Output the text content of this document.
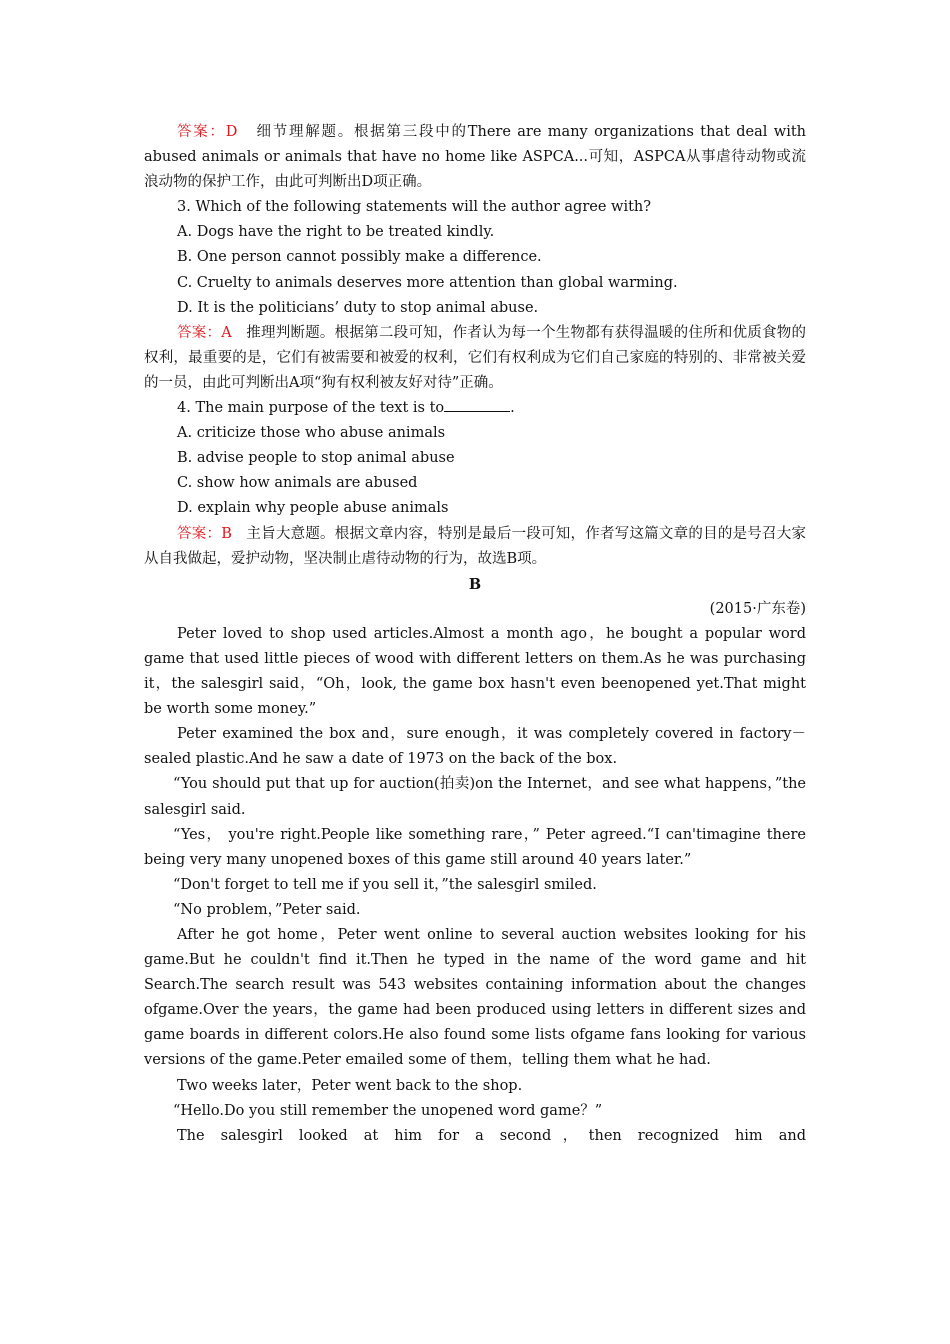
答案：D 细节理解题。根据第三段中的There are many organizations that deal with abused animals or animals that have no home like ASPCA...可知，ASPCA从事虐待动物或流浪动物的保护工作，由此可判断出D项正确。

3. Which of the following statements will the author agree with?

A. Dogs have the right to be treated kindly.

B. One person cannot possibly make a difference.

C. Cruelty to animals deserves more attention than global warming.

D. It is the politicians’ duty to stop animal abuse.

答案：A 推理判断题。根据第二段可知，作者认为每一个生物都有获得温暖的住所和优质食物的权利，最重要的是，它们有被需要和被爱的权利，它们有权利成为它们自己家庭的特别的、非常被关爱的一员，由此可判断出A项“狗有权利被友好对待”正确。

4. The main purpose of the text is to	.

A. criticize those who abuse animals

B. advise people to stop animal abuse

C. show how animals are abused

D. explain why people abuse animals

答案：B 主旨大意题。根据文章内容，特别是最后一段可知，作者写这篇文章的目的是号召大家从自我做起，爱护动物，坚决制止虐待动物的行为，故选B项。

B

(2015·广东卷)

Peter loved to shop used articles.Almost a month ago，he bought a popular word game that used little pieces of wood with different letters on them.As he was purchasing it，the salesgirl said，“Oh，look, the game box hasn't even beenopened yet.That might be worth some money.”

Peter examined the box and，sure enough，it was completely covered in factory－sealed plastic.And he saw a date of 1973 on the back of the box.

“You should put that up for auction(拍卖)on the Internet，and see what happens，”the salesgirl said.

“Yes， you're right.People like something rare，” Peter agreed.“I can'timagine there being very many unopened boxes of this game still around 40 years later.”

“Don't forget to tell me if you sell it，”the salesgirl smiled.

“No problem，”Peter said.

After he got home，Peter went online to several auction websites looking for his game.But he couldn't find it.Then he typed in the name of the word game and hit Search.The search result was 543 websites containing information about the changes ofgame.Over the years，the game had been produced using letters in different sizes and game boards in different colors.He also found some lists ofgame fans looking for various versions of the game.Peter emailed some of them，telling them what he had.

Two weeks later，Peter went back to the shop.

“Hello.Do you still remember the unopened word game？”

The salesgirl looked at him for a second，then recognized him and
